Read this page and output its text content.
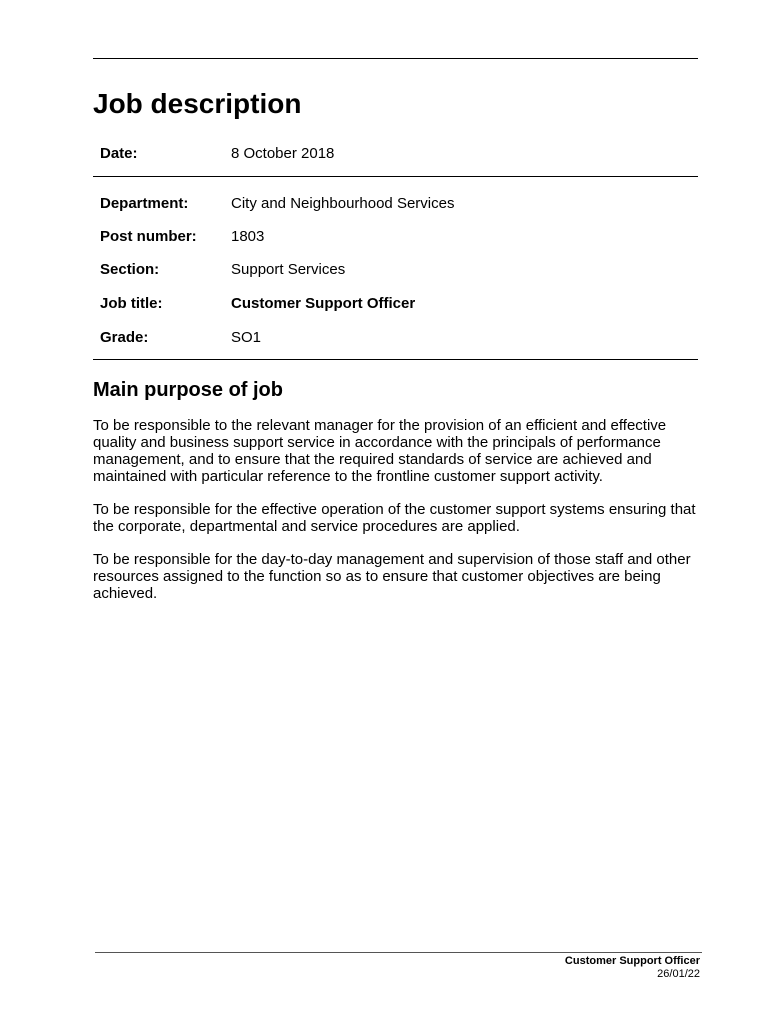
Job description
Date:	8 October 2018
Department:	City and Neighbourhood Services
Post number: 1803
Section:	Support Services
Job title:	Customer Support Officer
Grade:	SO1
Main purpose of job

To be responsible to the relevant manager for the provision of an efficient and effective quality and business support service in accordance with the principals of performance management, and to ensure that the required standards of service are achieved and maintained with particular reference to the frontline customer support activity.

To be responsible for the effective operation of the customer support systems ensuring that the corporate, departmental and service procedures are applied.

To be responsible for the day-to-day management and supervision of those staff and other resources assigned to the function so as to ensure that customer objectives are being achieved.

Customer Support Officer
26/01/22
